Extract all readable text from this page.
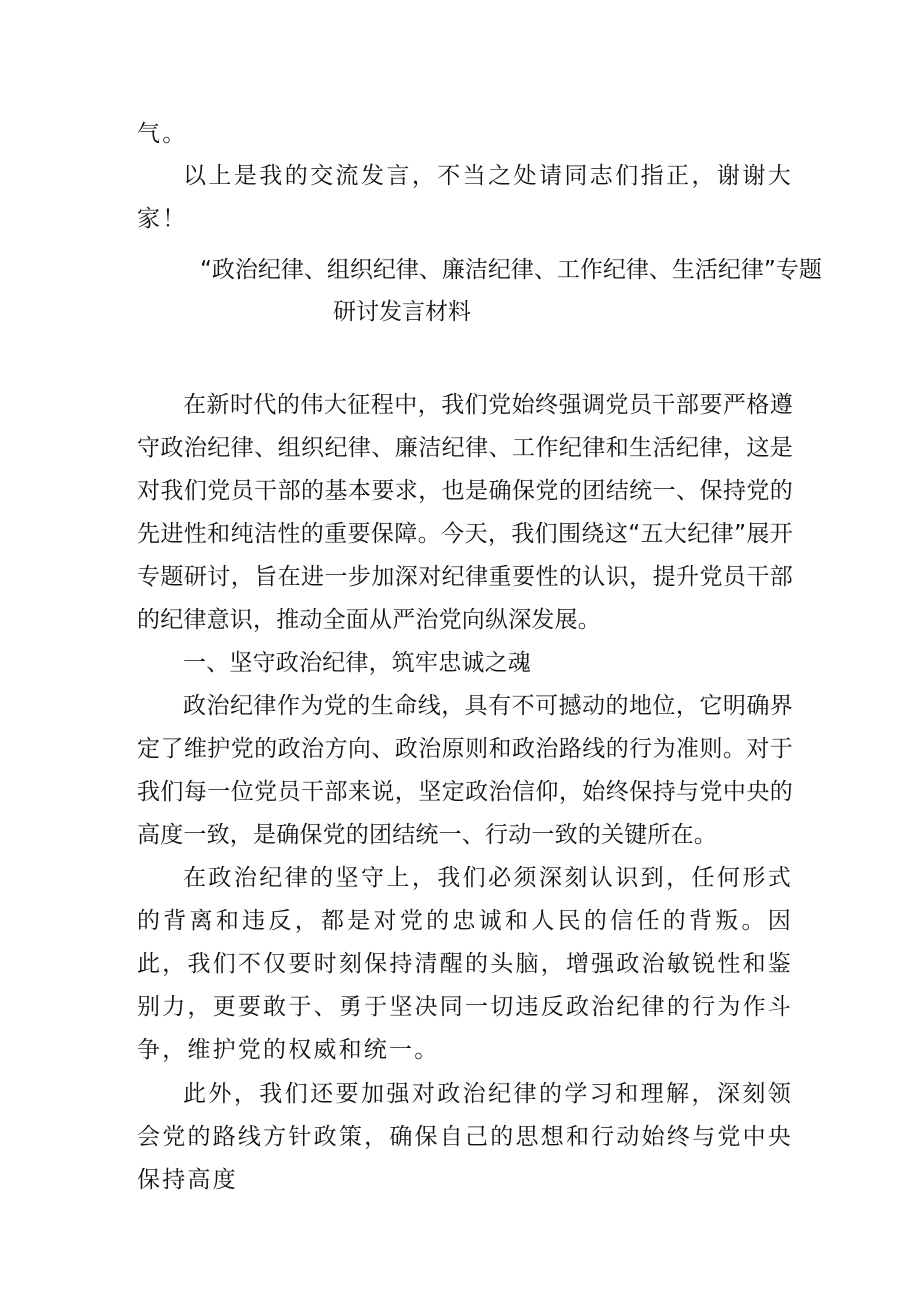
气。

以上是我的交流发言，不当之处请同志们指正，谢谢大家！

“政治纪律、组织纪律、廉洁纪律、工作纪律、生活纪律”专题

研讨发言材料

在新时代的伟大征程中，我们党始终强调党员干部要严格遵守政治纪律、组织纪律、廉洁纪律、工作纪律和生活纪律，这是对我们党员干部的基本要求，也是确保党的团结统一、保持党的先进性和纯洁性的重要保障。今天，我们围绕这“五大纪律”展开专题研讨，旨在进一步加深对纪律重要性的认识，提升党员干部的纪律意识，推动全面从严治党向纵深发展。

一、坚守政治纪律，筑牢忠诚之魂

政治纪律作为党的生命线，具有不可撼动的地位，它明确界定了维护党的政治方向、政治原则和政治路线的行为准则。对于我们每一位党员干部来说，坚定政治信仰，始终保持与党中央的高度一致，是确保党的团结统一、行动一致的关键所在。

在政治纪律的坚守上，我们必须深刻认识到，任何形式的背离和违反，都是对党的忠诚和人民的信任的背叛。因此，我们不仅要时刻保持清醒的头脑，增强政治敏锐性和鉴别力，更要敢于、勇于坚决同一切违反政治纪律的行为作斗争，维护党的权威和统一。

此外，我们还要加强对政治纪律的学习和理解，深刻领会党的路线方针政策，确保自己的思想和行动始终与党中央保持高度
